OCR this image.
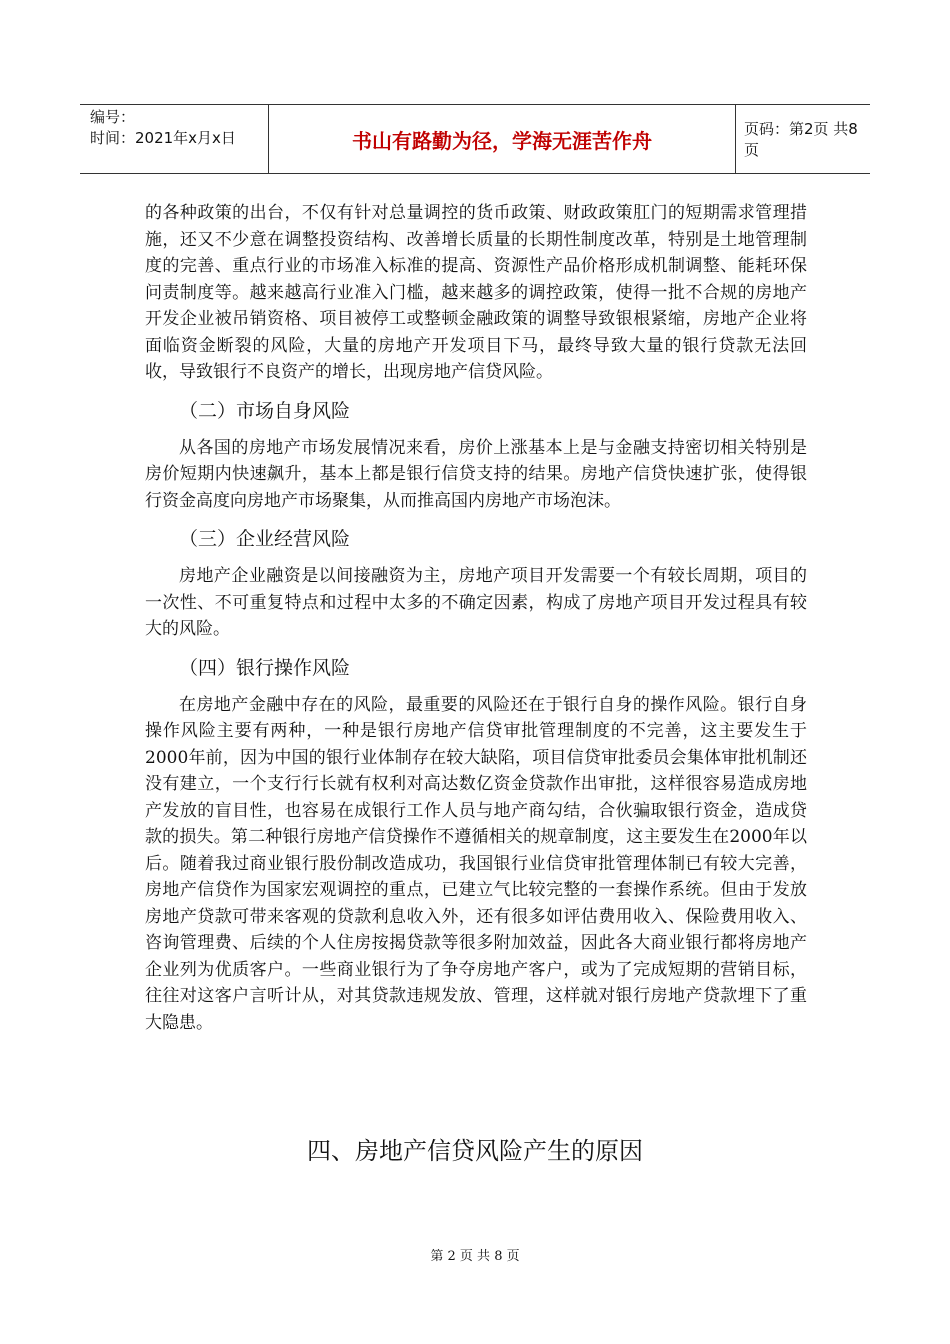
编号：
时间：2021年x月x日	书山有路勤为径，学海无涯苦作舟	页码：第2页 共8页

的各种政策的出台，不仅有针对总量调控的货币政策、财政政策肛门的短期需求管理措施，还又不少意在调整投资结构、改善增长质量的长期性制度改革，特别是土地管理制度的完善、重点行业的市场准入标准的提高、资源性产品价格形成机制调整、能耗环保问责制度等。越来越高行业准入门槛，越来越多的调控政策，使得一批不合规的房地产开发企业被吊销资格、项目被停工或整顿金融政策的调整导致银根紧缩，房地产企业将面临资金断裂的风险，大量的房地产开发项目下马，最终导致大量的银行贷款无法回收，导致银行不良资产的增长，出现房地产信贷风险。

（二）市场自身风险

从各国的房地产市场发展情况来看，房价上涨基本上是与金融支持密切相关特别是房价短期内快速飙升，基本上都是银行信贷支持的结果。房地产信贷快速扩张，使得银行资金高度向房地产市场聚集，从而推高国内房地产市场泡沫。

（三）企业经营风险

房地产企业融资是以间接融资为主，房地产项目开发需要一个有较长周期，项目的一次性、不可重复特点和过程中太多的不确定因素，构成了房地产项目开发过程具有较大的风险。

（四）银行操作风险

在房地产金融中存在的风险，最重要的风险还在于银行自身的操作风险。银行自身操作风险主要有两种，一种是银行房地产信贷审批管理制度的不完善，这主要发生于2000年前，因为中国的银行业体制存在较大缺陷，项目信贷审批委员会集体审批机制还没有建立，一个支行行长就有权利对高达数亿资金贷款作出审批，这样很容易造成房地产发放的盲目性，也容易在成银行工作人员与地产商勾结，合伙骗取银行资金，造成贷款的损失。第二种银行房地产信贷操作不遵循相关的规章制度，这主要发生在2000年以后。随着我过商业银行股份制改造成功，我国银行业信贷审批管理体制已有较大完善，房地产信贷作为国家宏观调控的重点，已建立气比较完整的一套操作系统。但由于发放房地产贷款可带来客观的贷款利息收入外，还有很多如评估费用收入、保险费用收入、咨询管理费、后续的个人住房按揭贷款等很多附加效益，因此各大商业银行都将房地产企业列为优质客户。一些商业银行为了争夺房地产客户，或为了完成短期的营销目标，往往对这客户言听计从，对其贷款违规发放、管理，这样就对银行房地产贷款埋下了重大隐患。

四、房地产信贷风险产生的原因
第 2 页 共 8 页
